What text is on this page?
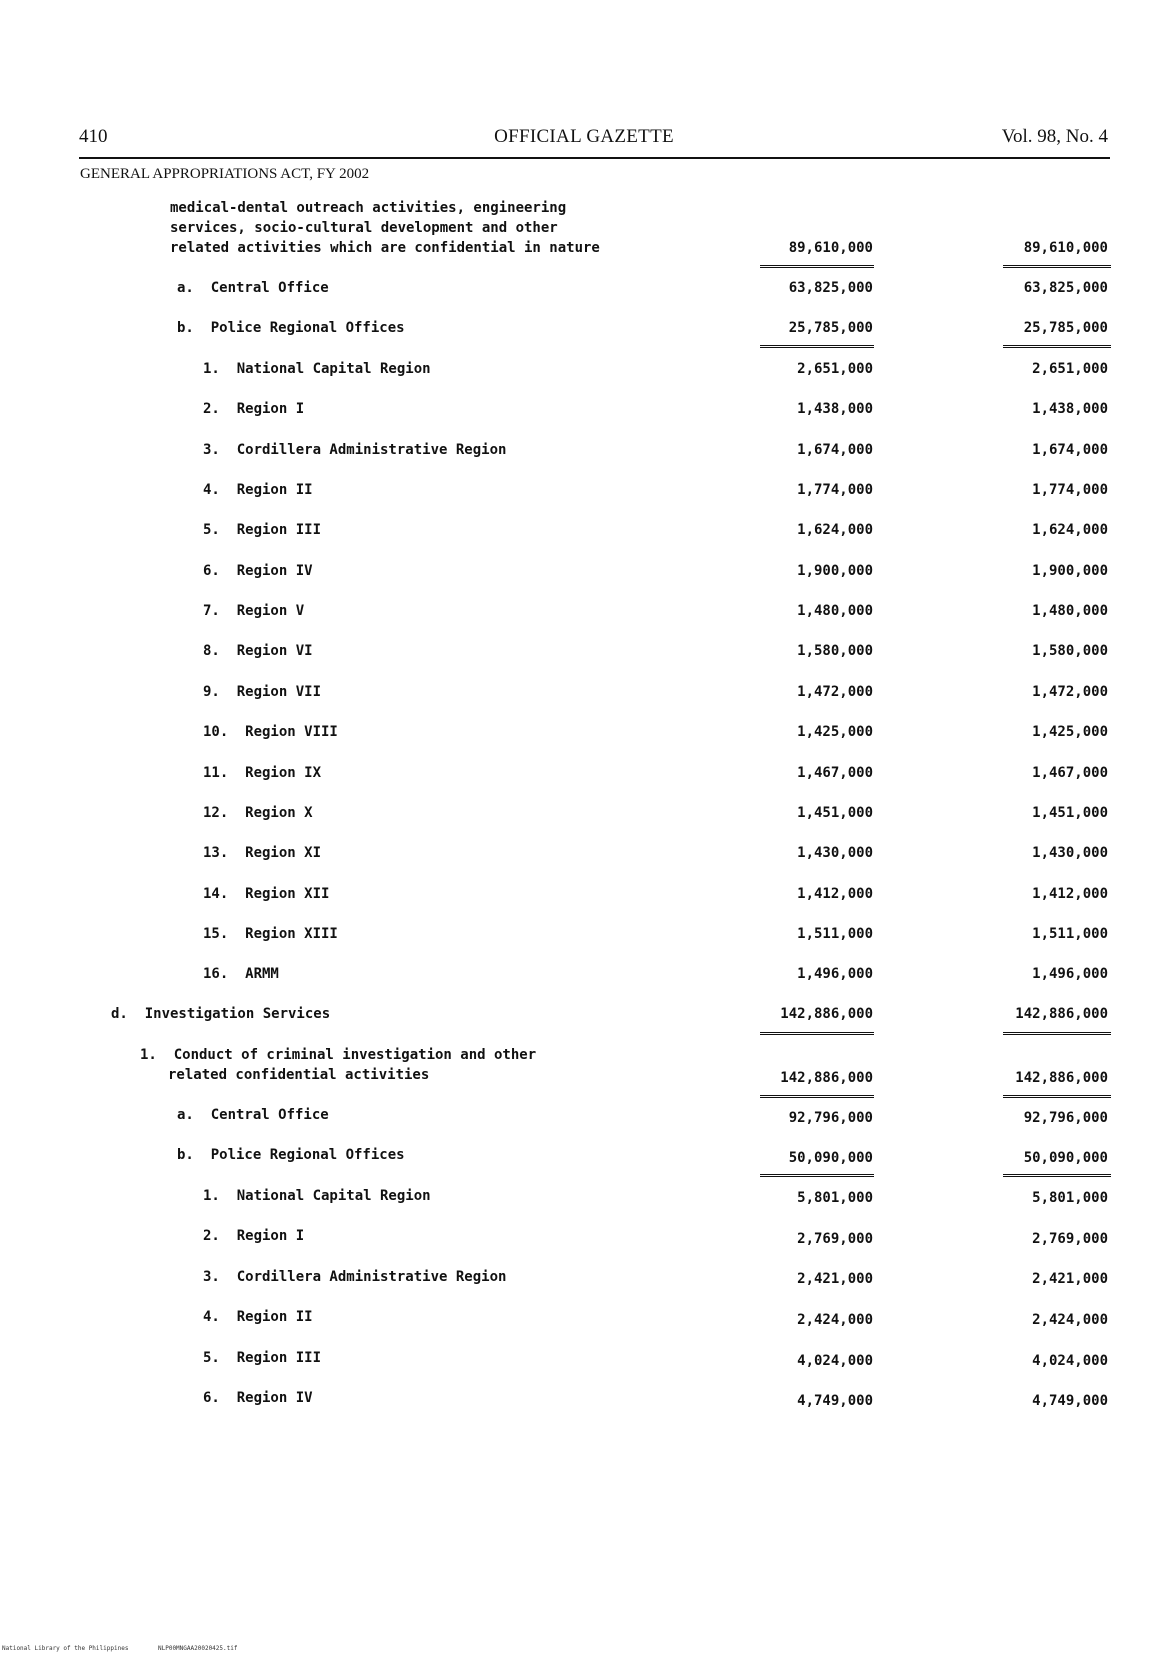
410	OFFICIAL GAZETTE	Vol. 98, No. 4
GENERAL APPROPRIATIONS ACT, FY 2002
medical-dental outreach activities, engineering
services, socio-cultural development and other
related activities which are confidential in nature	89,610,000	89,610,000
a.  Central Office	63,825,000	63,825,000
b.  Police Regional Offices	25,785,000	25,785,000
1.  National Capital Region	2,651,000	2,651,000
2.  Region I	1,438,000	1,438,000
3.  Cordillera Administrative Region	1,674,000	1,674,000
4.  Region II	1,774,000	1,774,000
5.  Region III	1,624,000	1,624,000
6.  Region IV	1,900,000	1,900,000
7.  Region V	1,480,000	1,480,000
8.  Region VI	1,580,000	1,580,000
9.  Region VII	1,472,000	1,472,000
10.  Region VIII	1,425,000	1,425,000
11.  Region IX	1,467,000	1,467,000
12.  Region X	1,451,000	1,451,000
13.  Region XI	1,430,000	1,430,000
14.  Region XII	1,412,000	1,412,000
15.  Region XIII	1,511,000	1,511,000
16.  ARMM	1,496,000	1,496,000
d.  Investigation Services	142,886,000	142,886,000
1.  Conduct of criminal investigation and other
related confidential activities	142,886,000	142,886,000
a.  Central Office	92,796,000	92,796,000
b.  Police Regional Offices	50,090,000	50,090,000
1.  National Capital Region	5,801,000	5,801,000
2.  Region I	2,769,000	2,769,000
3.  Cordillera Administrative Region	2,421,000	2,421,000
4.  Region II	2,424,000	2,424,000
5.  Region III	4,024,000	4,024,000
6.  Region IV	4,749,000	4,749,000
National Library of the Philippines	NLP00MNGAA20020425.tif
